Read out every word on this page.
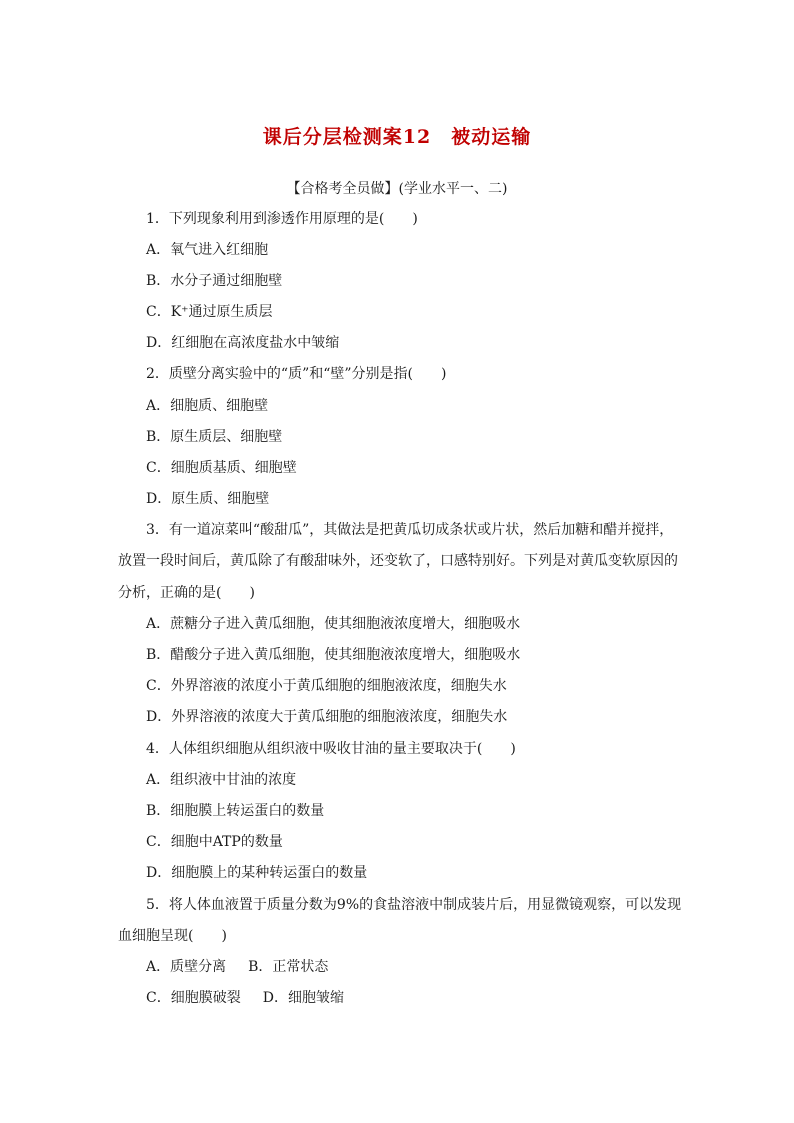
课后分层检测案12　被动运输
【合格考全员做】(学业水平一、二)
1．下列现象利用到渗透作用原理的是(　　)
A．氧气进入红细胞
B．水分子通过细胞壁
C．K⁺通过原生质层
D．红细胞在高浓度盐水中皱缩
2．质壁分离实验中的“质”和“壁”分别是指(　　)
A．细胞质、细胞壁
B．原生质层、细胞壁
C．细胞质基质、细胞壁
D．原生质、细胞壁
3．有一道凉菜叫“酸甜瓜”，其做法是把黄瓜切成条状或片状，然后加糖和醋并搅拌，
放置一段时间后，黄瓜除了有酸甜味外，还变软了，口感特别好。下列是对黄瓜变软原因的
分析，正确的是(　　)
A．蔗糖分子进入黄瓜细胞，使其细胞液浓度增大，细胞吸水
B．醋酸分子进入黄瓜细胞，使其细胞液浓度增大，细胞吸水
C．外界溶液的浓度小于黄瓜细胞的细胞液浓度，细胞失水
D．外界溶液的浓度大于黄瓜细胞的细胞液浓度，细胞失水
4．人体组织细胞从组织液中吸收甘油的量主要取决于(　　)
A．组织液中甘油的浓度
B．细胞膜上转运蛋白的数量
C．细胞中ATP的数量
D．细胞膜上的某种转运蛋白的数量
5．将人体血液置于质量分数为9%的食盐溶液中制成装片后，用显微镜观察，可以发现
血细胞呈现(　　)
A．质壁分离 B．正常状态
C．细胞膜破裂 D．细胞皱缩
